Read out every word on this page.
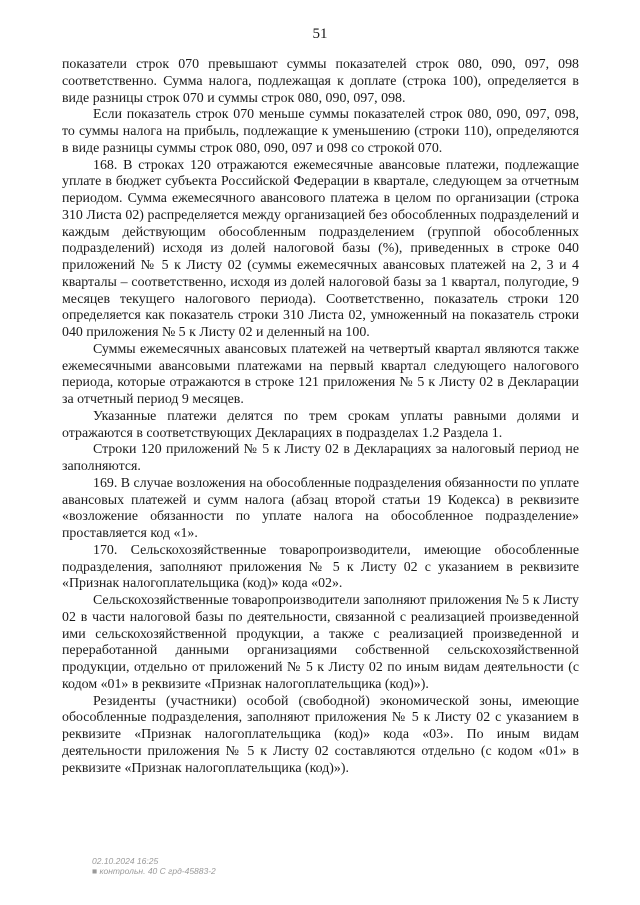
51

показатели строк 070 превышают суммы показателей строк 080, 090, 097, 098 соответственно. Сумма налога, подлежащая к доплате (строка 100), определяется в виде разницы строк 070 и суммы строк 080, 090, 097, 098.

Если показатель строк 070 меньше суммы показателей строк 080, 090, 097, 098, то суммы налога на прибыль, подлежащие к уменьшению (строки 110), определяются в виде разницы суммы строк 080, 090, 097 и 098 со строкой 070.

168. В строках 120 отражаются ежемесячные авансовые платежи, подлежащие уплате в бюджет субъекта Российской Федерации в квартале, следующем за отчетным периодом. Сумма ежемесячного авансового платежа в целом по организации (строка 310 Листа 02) распределяется между организацией без обособленных подразделений и каждым действующим обособленным подразделением (группой обособленных подразделений) исходя из долей налоговой базы (%), приведенных в строке 040 приложений № 5 к Листу 02 (суммы ежемесячных авансовых платежей на 2, 3 и 4 кварталы – соответственно, исходя из долей налоговой базы за 1 квартал, полугодие, 9 месяцев текущего налогового периода). Соответственно, показатель строки 120 определяется как показатель строки 310 Листа 02, умноженный на показатель строки 040 приложения № 5 к Листу 02 и деленный на 100.

Суммы ежемесячных авансовых платежей на четвертый квартал являются также ежемесячными авансовыми платежами на первый квартал следующего налогового периода, которые отражаются в строке 121 приложения № 5 к Листу 02 в Декларации за отчетный период 9 месяцев.

Указанные платежи делятся по трем срокам уплаты равными долями и отражаются в соответствующих Декларациях в подразделах 1.2 Раздела 1.

Строки 120 приложений № 5 к Листу 02 в Декларациях за налоговый период не заполняются.

169. В случае возложения на обособленные подразделения обязанности по уплате авансовых платежей и сумм налога (абзац второй статьи 19 Кодекса) в реквизите «возложение обязанности по уплате налога на обособленное подразделение» проставляется код «1».

170. Сельскохозяйственные товаропроизводители, имеющие обособленные подразделения, заполняют приложения № 5 к Листу 02 с указанием в реквизите «Признак налогоплательщика (код)» кода «02».

Сельскохозяйственные товаропроизводители заполняют приложения № 5 к Листу 02 в части налоговой базы по деятельности, связанной с реализацией произведенной ими сельскохозяйственной продукции, а также с реализацией произведенной и переработанной данными организациями собственной сельскохозяйственной продукции, отдельно от приложений № 5 к Листу 02 по иным видам деятельности (с кодом «01» в реквизите «Признак налогоплательщика (код)»).

Резиденты (участники) особой (свободной) экономической зоны, имеющие обособленные подразделения, заполняют приложения № 5 к Листу 02 с указанием в реквизите «Признак налогоплательщика (код)» кода «03». По иным видам деятельности приложения № 5 к Листу 02 составляются отдельно (с кодом «01» в реквизите «Признак налогоплательщика (код)»).

02.10.2024 16:25
■ контрольн. 40 С грд-45883-2
